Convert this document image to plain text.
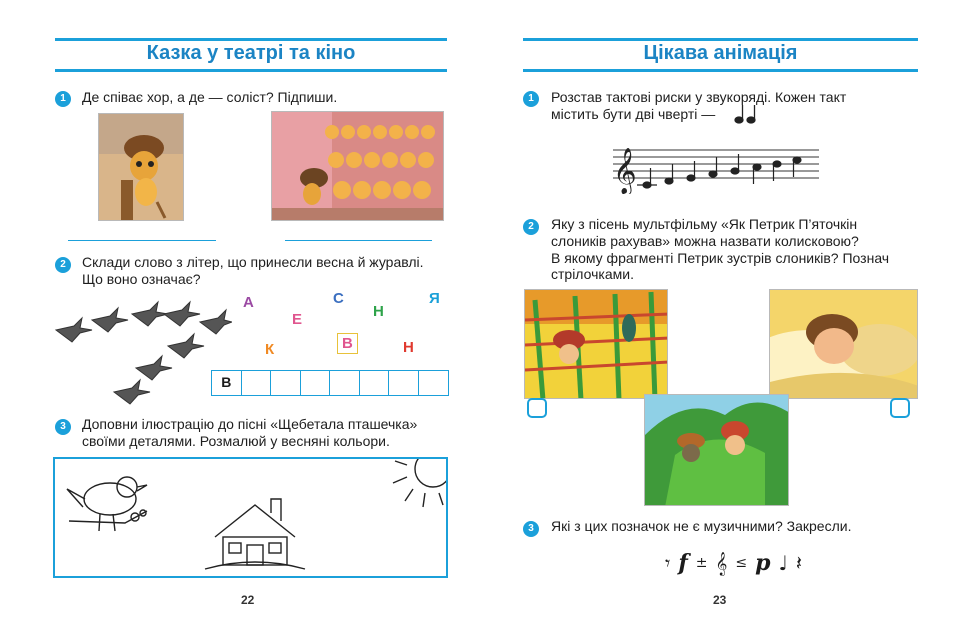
Казка у театрі та кіно
1	Де співає хор, а де — соліст? Підпиши.
2	Склади слово з літер, що принесли весна й журавлі.
Що воно означає?
А	С
Н
Я
Е
К	В	Н
В
3	Доповни ілюстрацію до пісні «Щебетала пташечка»
своїми деталями. Розмалюй у весняні кольори.
22
Цікава анімація
1	Розстав тактові риски у звукоряді. Кожен такт
містить бути дві чверті —
𝄞
2	Яку з пісень мультфільму «Як Петрик П’яточкін
слоників рахував» можна назвати колисковою?
В якому фрагменті Петрик зустрів слоників? Познач
стрілочками.
3	Які з цих позначок не є музичними? Закресли.
𝄾 f ± 𝄞 ≤ p ♩ 𝄽
23
